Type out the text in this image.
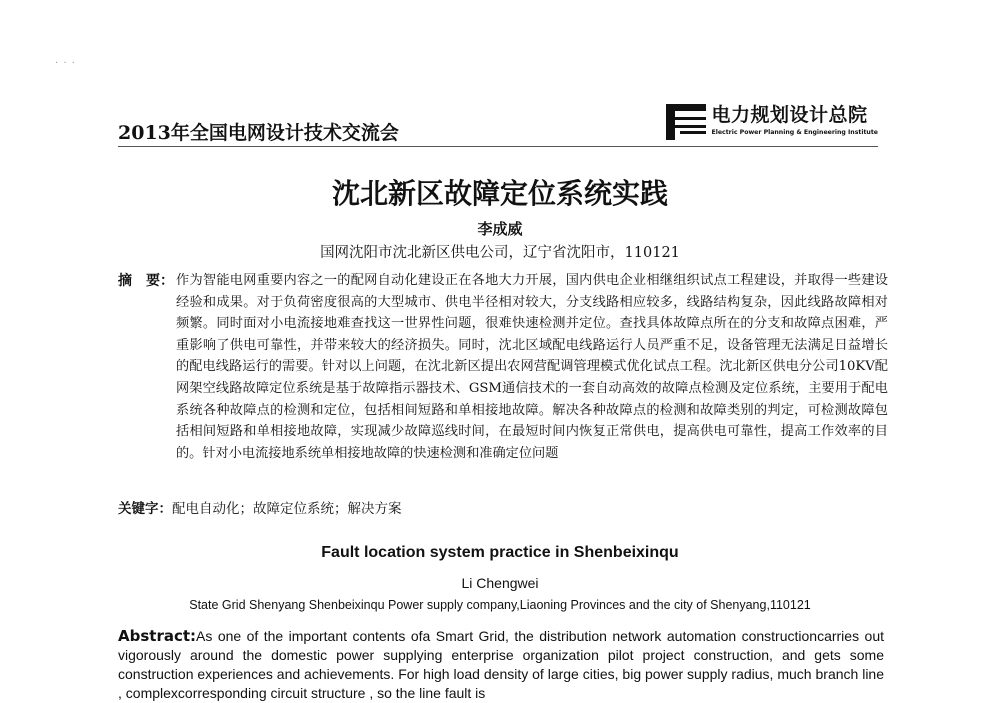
· · ·
2013年全国电网设计技术交流会
电力规划设计总院
Electric Power Planning & Engineering Institute
沈北新区故障定位系统实践
李成威
国网沈阳市沈北新区供电公司，辽宁省沈阳市，110121
摘　要： 作为智能电网重要内容之一的配网自动化建设正在各地大力开展，国内供电企业相继组织试点工程建设，并取得一些建设经验和成果。对于负荷密度很高的大型城市、供电半径相对较大，分支线路相应较多，线路结构复杂，因此线路故障相对频繁。同时面对小电流接地难查找这一世界性问题，很难快速检测并定位。查找具体故障点所在的分支和故障点困难，严重影响了供电可靠性，并带来较大的经济损失。同时，沈北区域配电线路运行人员严重不足，设备管理无法满足日益增长的配电线路运行的需要。针对以上问题，在沈北新区提出农网营配调管理模式优化试点工程。沈北新区供电分公司10KV配网架空线路故障定位系统是基于故障指示器技术、GSM通信技术的一套自动高效的故障点检测及定位系统，主要用于配电系统各种故障点的检测和定位，包括相间短路和单相接地故障。解决各种故障点的检测和故障类别的判定，可检测故障包括相间短路和单相接地故障，实现减少故障巡线时间，在最短时间内恢复正常供电，提高供电可靠性，提高工作效率的目的。针对小电流接地系统单相接地故障的快速检测和准确定位问题
关键字：配电自动化；故障定位系统；解决方案
Fault location system practice in Shenbeixinqu
Li Chengwei
State Grid Shenyang Shenbeixinqu Power supply company,Liaoning Provinces and the city of Shenyang,110121
Abstract:As one of the important contents ofa Smart Grid, the distribution network automation constructioncarries out vigorously around the domestic power supplying enterprise organization pilot project construction, and gets some construction experiences and achievements. For high load density of large cities, big power supply radius, much branch line , complexcorresponding circuit structure , so the line fault is
